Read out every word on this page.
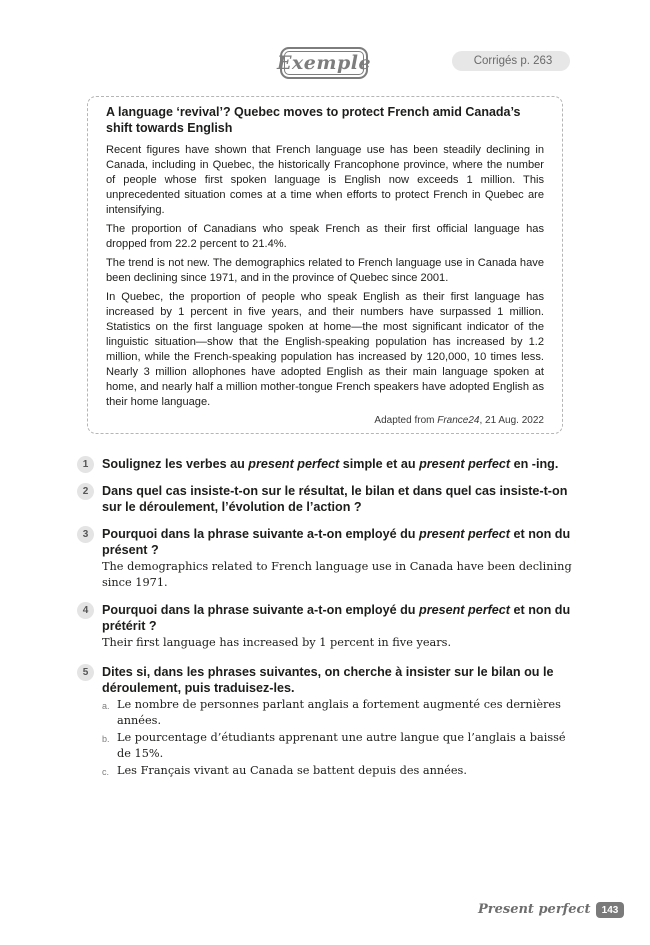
Exemple	Corrigés p. 263
A language ‘revival’? Quebec moves to protect French amid Canada’s shift towards English

Recent figures have shown that French language use has been steadily declining in Canada, including in Quebec, the historically Francophone province, where the number of people whose first spoken language is English now exceeds 1 million. This unprecedented situation comes at a time when efforts to protect French in Quebec are intensifying.

The proportion of Canadians who speak French as their first official language has dropped from 22.2 percent to 21.4%.

The trend is not new. The demographics related to French language use in Canada have been declining since 1971, and in the province of Quebec since 2001.

In Quebec, the proportion of people who speak English as their first language has increased by 1 percent in five years, and their numbers have surpassed 1 million. Statistics on the first language spoken at home—the most significant indicator of the linguistic situation—show that the English-speaking population has increased by 1.2 million, while the French-speaking population has increased by 120,000, 10 times less. Nearly 3 million allophones have adopted English as their main language spoken at home, and nearly half a million mother-tongue French speakers have adopted English as their home language.

Adapted from France24, 21 Aug. 2022
1	Soulignez les verbes au present perfect simple et au present perfect en -ing.
2	Dans quel cas insiste-t-on sur le résultat, le bilan et dans quel cas insiste-t-on sur le déroulement, l’évolution de l’action ?
3	Pourquoi dans la phrase suivante a-t-on employé du present perfect et non du présent ?
The demographics related to French language use in Canada have been declining since 1971.
4	Pourquoi dans la phrase suivante a-t-on employé du present perfect et non du prétérit ?
Their first language has increased by 1 percent in five years.
5	Dites si, dans les phrases suivantes, on cherche à insister sur le bilan ou le déroulement, puis traduisez-les.
a. Le nombre de personnes parlant anglais a fortement augmenté ces dernières années.
b. Le pourcentage d’étudiants apprenant une autre langue que l’anglais a baissé de 15%.
c. Les Français vivant au Canada se battent depuis des années.
Present perfect	143
